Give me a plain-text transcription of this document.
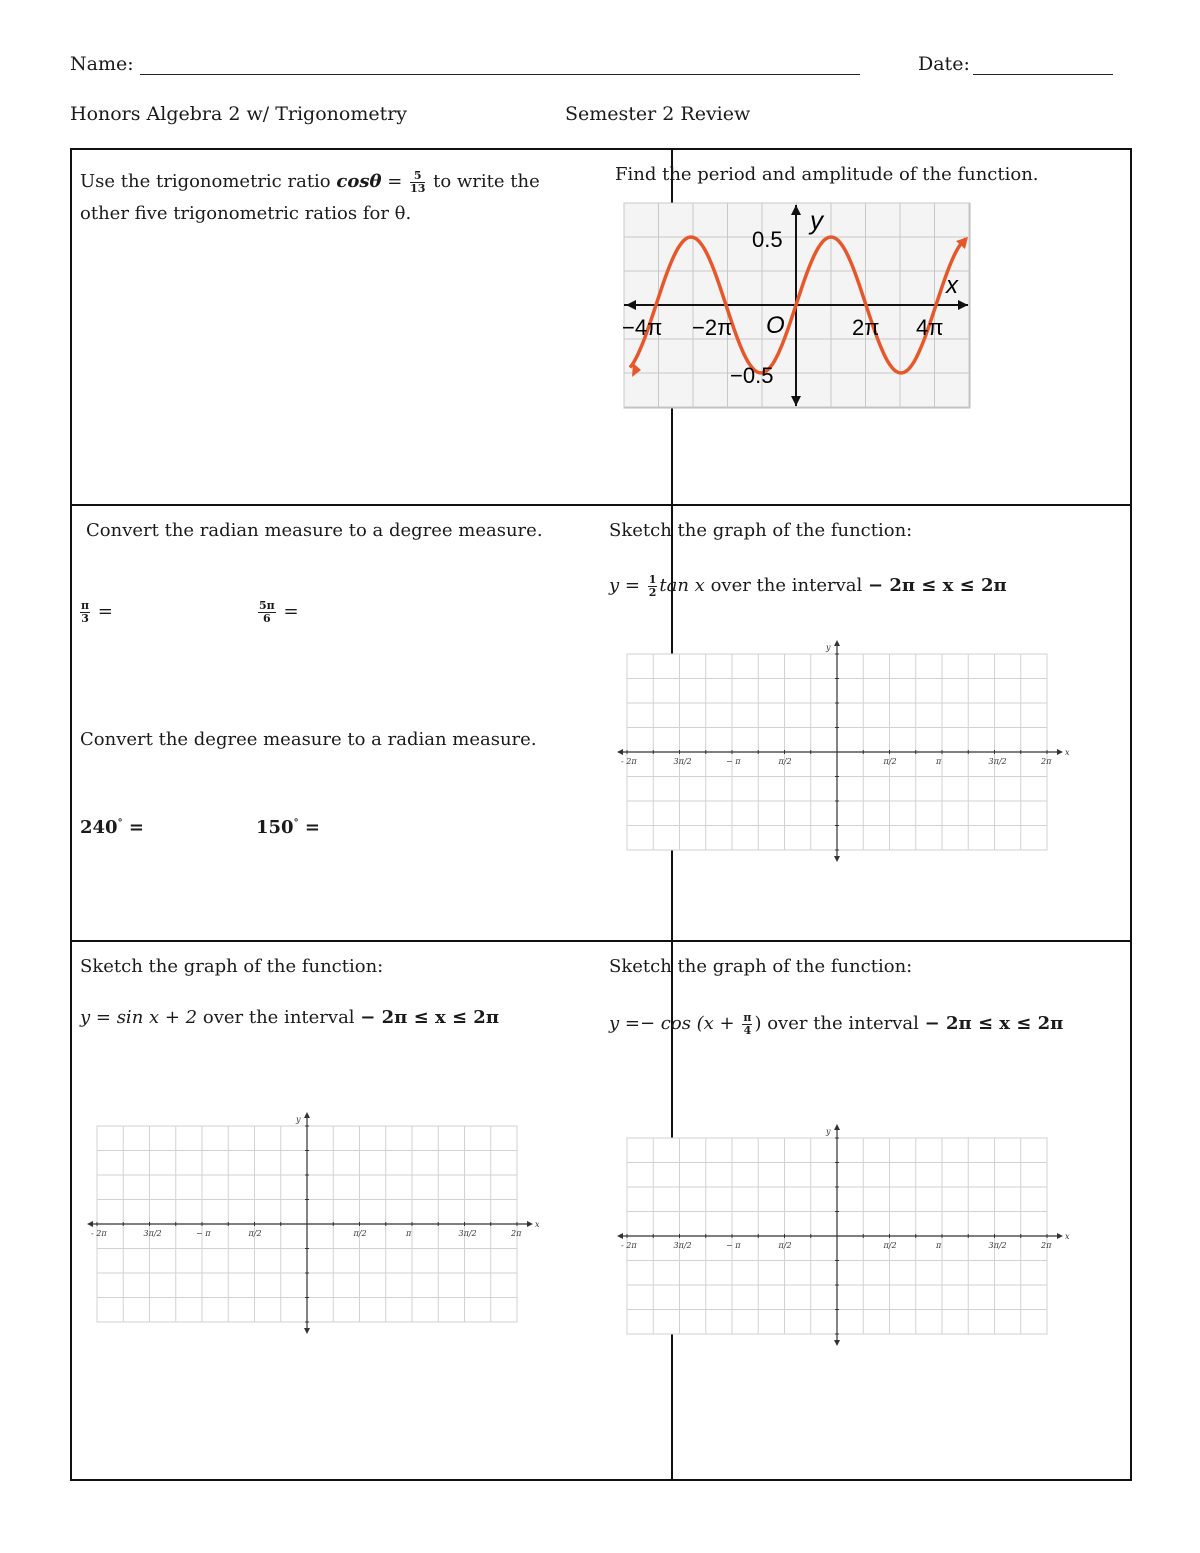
Name:	Date:
Honors Algebra 2 w/ Trigonometry	Semester 2 Review
Use the trigonometric ratio $\cos\theta = \frac{5}{13}$ to write the
other five trigonometric ratios for θ.
Find the period and amplitude of the function.
y
x
O
0.5
−0.5
−4π −2π	2π 4π
Convert the radian measure to a degree measure.
$\frac{\pi}{3}$ =	$\frac{5\pi}{6}$ =
Convert the degree measure to a radian measure.
240° =	150° =
Sketch the graph of the function:
$y = \frac{1}{2}$ tan x over the interval − 2π ≤ x ≤ 2π
y
x
- 2π	3π/2	− π	π/2	π/2	π	3π/2	2π
Sketch the graph of the function:
y = sin x + 2 over the interval − 2π ≤ x ≤ 2π
y
x
- 2π	3π/2	− π	π/2	π/2	π	3π/2	2π
Sketch the graph of the function:
$y =- \cos (x + \frac{\pi}{4}$ ) over the interval − 2π ≤ x ≤ 2π
y
x
- 2π	3π/2	− π	π/2	π/2	π	3π/2	2π
